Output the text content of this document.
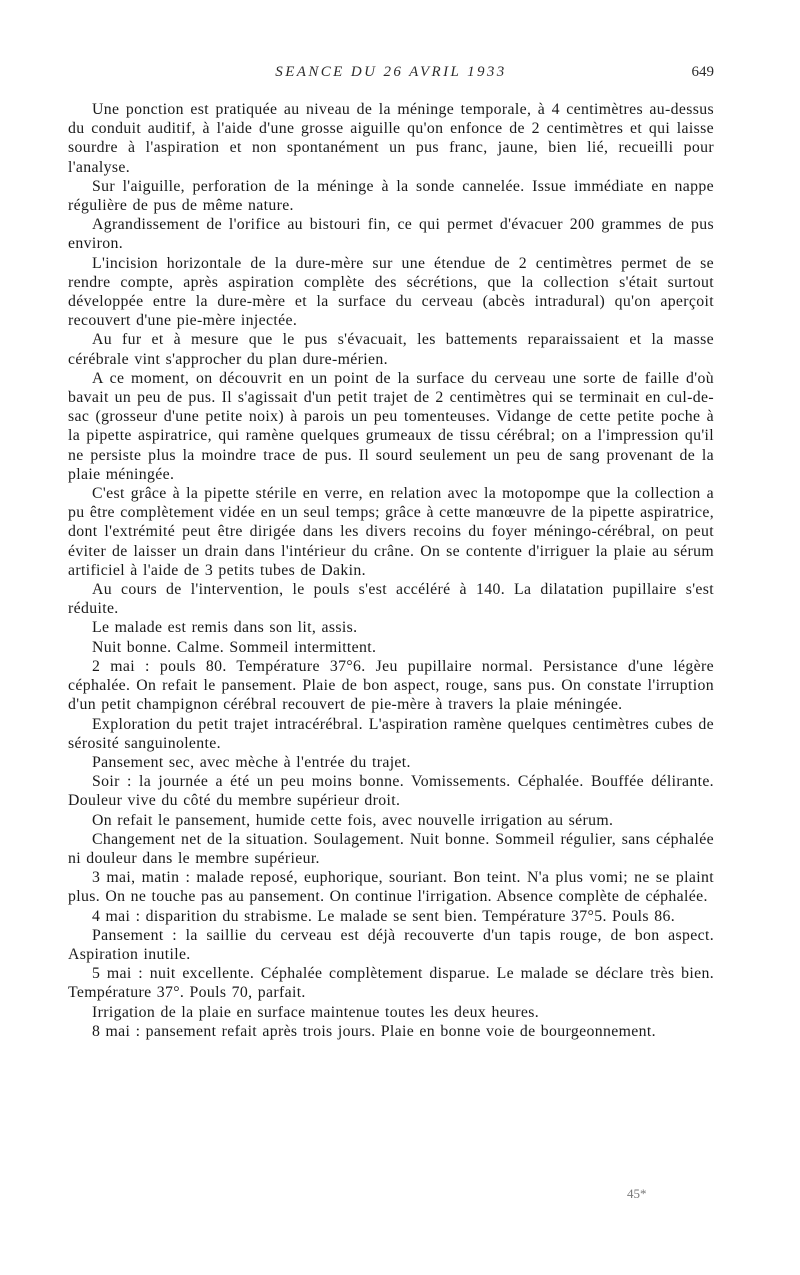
SEANCE DU 26 AVRIL 1933	649

Une ponction est pratiquée au niveau de la méninge temporale, à 4 centimètres au-dessus du conduit auditif, à l'aide d'une grosse aiguille qu'on enfonce de 2 centimètres et qui laisse sourdre à l'aspiration et non spontanément un pus franc, jaune, bien lié, recueilli pour l'analyse.

Sur l'aiguille, perforation de la méninge à la sonde cannelée. Issue immédiate en nappe régulière de pus de même nature.

Agrandissement de l'orifice au bistouri fin, ce qui permet d'évacuer 200 grammes de pus environ.

L'incision horizontale de la dure-mère sur une étendue de 2 centimètres permet de se rendre compte, après aspiration complète des sécrétions, que la collection s'était surtout développée entre la dure-mère et la surface du cerveau (abcès intradural) qu'on aperçoit recouvert d'une pie-mère injectée.

Au fur et à mesure que le pus s'évacuait, les battements reparaissaient et la masse cérébrale vint s'approcher du plan dure-mérien.

A ce moment, on découvrit en un point de la surface du cerveau une sorte de faille d'où bavait un peu de pus. Il s'agissait d'un petit trajet de 2 centimètres qui se terminait en cul-de-sac (grosseur d'une petite noix) à parois un peu tomenteuses. Vidange de cette petite poche à la pipette aspiratrice, qui ramène quelques grumeaux de tissu cérébral; on a l'impression qu'il ne persiste plus la moindre trace de pus. Il sourd seulement un peu de sang provenant de la plaie méningée.

C'est grâce à la pipette stérile en verre, en relation avec la motopompe que la collection a pu être complètement vidée en un seul temps; grâce à cette manœuvre de la pipette aspiratrice, dont l'extrémité peut être dirigée dans les divers recoins du foyer méningo-cérébral, on peut éviter de laisser un drain dans l'intérieur du crâne. On se contente d'irriguer la plaie au sérum artificiel à l'aide de 3 petits tubes de Dakin.

Au cours de l'intervention, le pouls s'est accéléré à 140. La dilatation pupillaire s'est réduite.

Le malade est remis dans son lit, assis.

Nuit bonne. Calme. Sommeil intermittent.

2 mai : pouls 80. Température 37°6. Jeu pupillaire normal. Persistance d'une légère céphalée. On refait le pansement. Plaie de bon aspect, rouge, sans pus. On constate l'irruption d'un petit champignon cérébral recouvert de pie-mère à travers la plaie méningée.

Exploration du petit trajet intracérébral. L'aspiration ramène quelques centimètres cubes de sérosité sanguinolente.

Pansement sec, avec mèche à l'entrée du trajet.

Soir : la journée a été un peu moins bonne. Vomissements. Céphalée. Bouffée délirante. Douleur vive du côté du membre supérieur droit.

On refait le pansement, humide cette fois, avec nouvelle irrigation au sérum.

Changement net de la situation. Soulagement. Nuit bonne. Sommeil régulier, sans céphalée ni douleur dans le membre supérieur.

3 mai, matin : malade reposé, euphorique, souriant. Bon teint. N'a plus vomi; ne se plaint plus. On ne touche pas au pansement. On continue l'irrigation. Absence complète de céphalée.

4 mai : disparition du strabisme. Le malade se sent bien. Température 37°5. Pouls 86.

Pansement : la saillie du cerveau est déjà recouverte d'un tapis rouge, de bon aspect. Aspiration inutile.

5 mai : nuit excellente. Céphalée complètement disparue. Le malade se déclare très bien. Température 37°. Pouls 70, parfait.

Irrigation de la plaie en surface maintenue toutes les deux heures.

8 mai : pansement refait après trois jours. Plaie en bonne voie de bourgeonnement.

45*
